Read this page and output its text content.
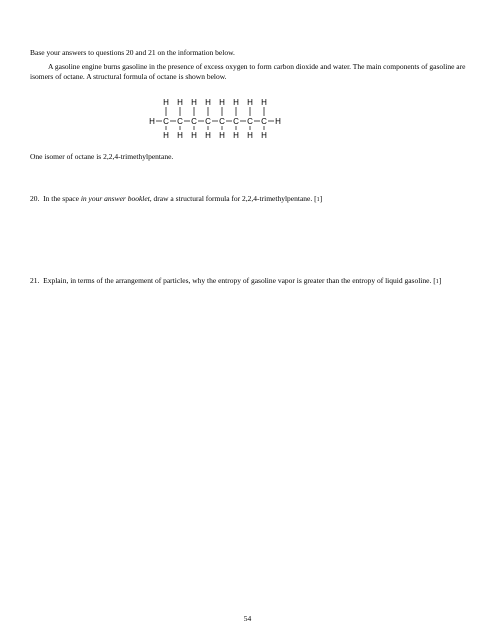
Base your answers to questions 20 and 21 on the information below.
A gasoline engine burns gasoline in the presence of excess oxygen to form carbon dioxide and water. The main components of gasoline are isomers of octane. A structural formula of octane is shown below.
H C
H
H
C
H
H
C
H
H
C
H
H
C
H
H
C
H
H
C
H
H
C
H
H
H
One isomer of octane is 2,2,4-trimethylpentane.
20. In the space in your answer booklet, draw a structural formula for 2,2,4-trimethylpentane. [1]
21. Explain, in terms of the arrangement of particles, why the entropy of gasoline vapor is greater than the entropy of liquid gasoline. [1]
54
